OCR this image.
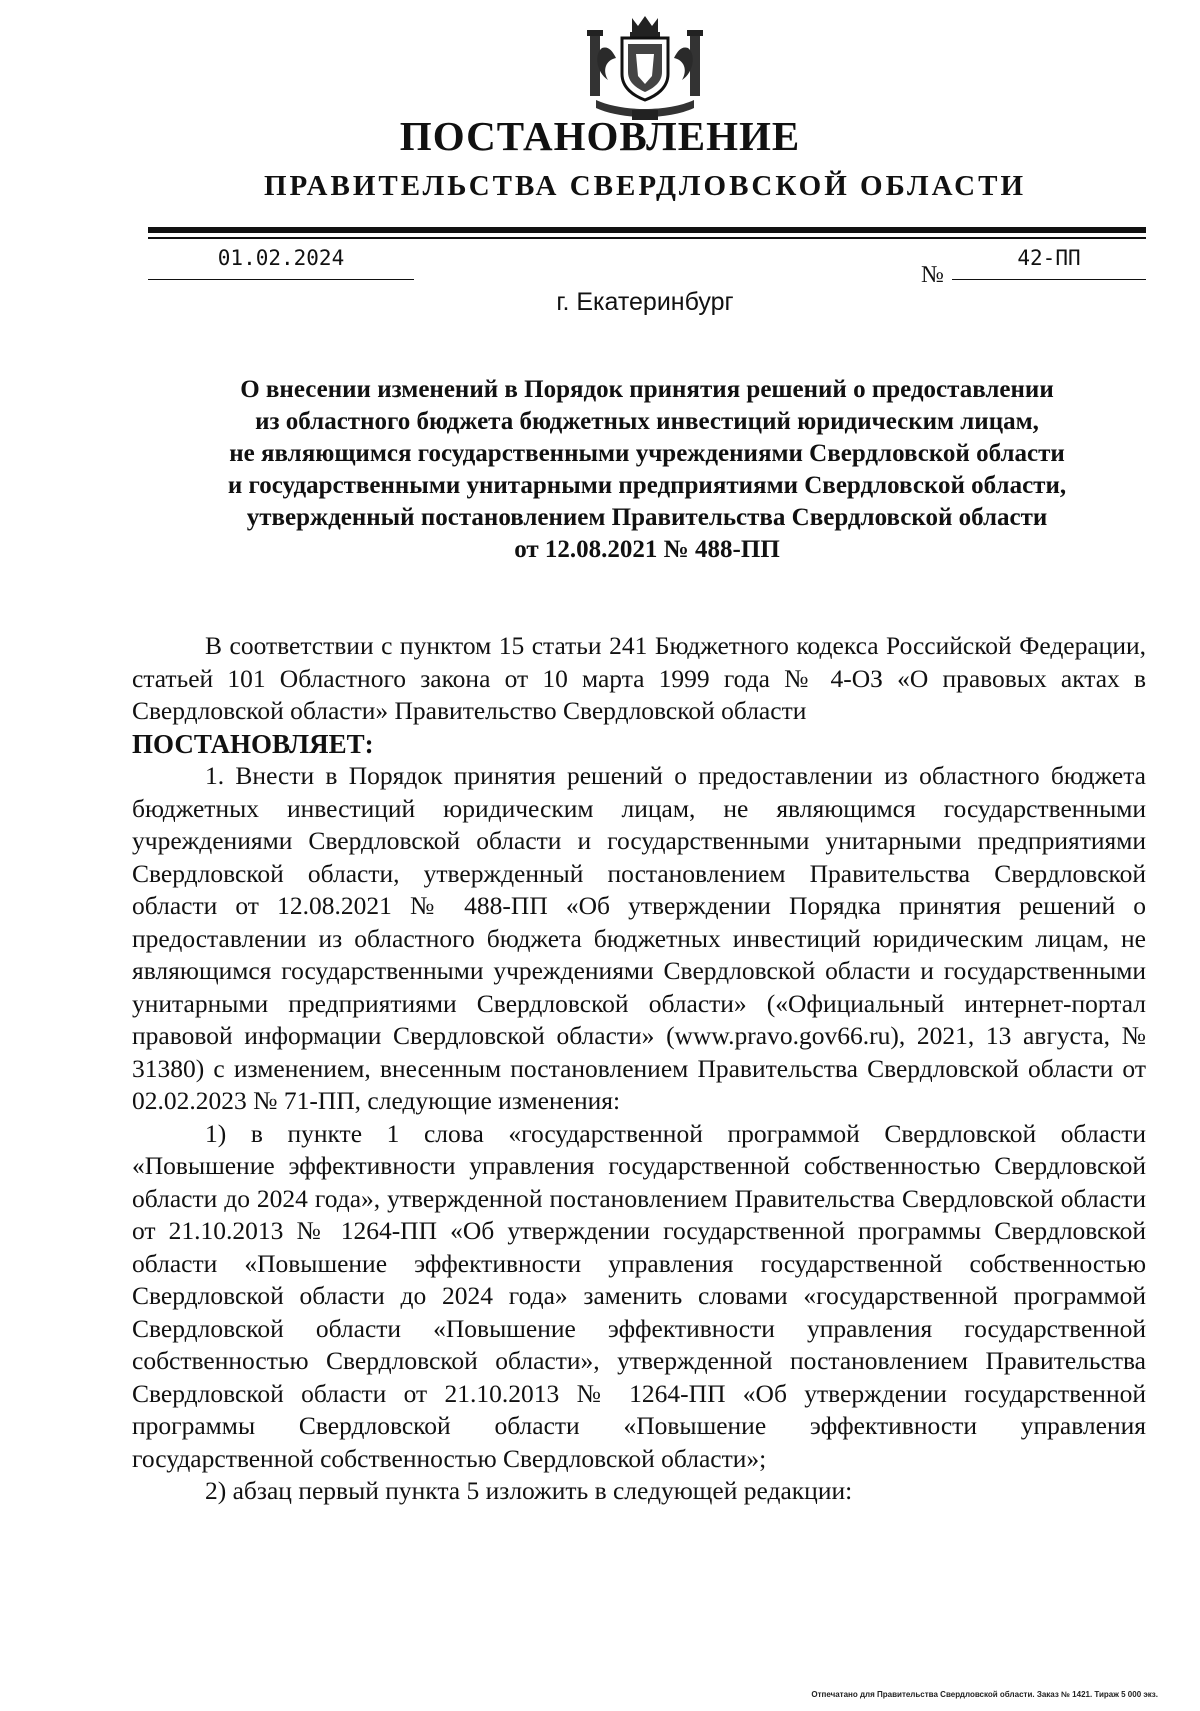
ПОСТАНОВЛЕНИЕ
ПРАВИТЕЛЬСТВА СВЕРДЛОВСКОЙ ОБЛАСТИ
01.02.2024
№
42-ПП
г. Екатеринбург
О внесении изменений в Порядок принятия решений о предоставлении
из областного бюджета бюджетных инвестиций юридическим лицам,
не являющимся государственными учреждениями Свердловской области
и государственными унитарными предприятиями Свердловской области,
утвержденный постановлением Правительства Свердловской области
от 12.08.2021 № 488-ПП

В соответствии с пунктом 15 статьи 241 Бюджетного кодекса Российской Федерации, статьей 101 Областного закона от 10 марта 1999 года № 4-ОЗ «О правовых актах в Свердловской области» Правительство Свердловской области

ПОСТАНОВЛЯЕТ:

1. Внести в Порядок принятия решений о предоставлении из областного бюджета бюджетных инвестиций юридическим лицам, не являющимся государственными учреждениями Свердловской области и государственными унитарными предприятиями Свердловской области, утвержденный постановлением Правительства Свердловской области от 12.08.2021 № 488-ПП «Об утверждении Порядка принятия решений о предоставлении из областного бюджета бюджетных инвестиций юридическим лицам, не являющимся государственными учреждениями Свердловской области и государственными унитарными предприятиями Свердловской области» («Официальный интернет-портал правовой информации Свердловской области» (www.pravo.gov66.ru), 2021, 13 августа, № 31380) с изменением, внесенным постановлением Правительства Свердловской области от 02.02.2023 № 71-ПП, следующие изменения:

1) в пункте 1 слова «государственной программой Свердловской области «Повышение эффективности управления государственной собственностью Свердловской области до 2024 года», утвержденной постановлением Правительства Свердловской области от 21.10.2013 № 1264-ПП «Об утверждении государственной программы Свердловской области «Повышение эффективности управления государственной собственностью Свердловской области до 2024 года» заменить словами «государственной программой Свердловской области «Повышение эффективности управления государственной собственностью Свердловской области», утвержденной постановлением Правительства Свердловской области от 21.10.2013 № 1264-ПП «Об утверждении государственной программы Свердловской области «Повышение эффективности управления государственной собственностью Свердловской области»;

2) абзац первый пункта 5 изложить в следующей редакции:

Отпечатано для Правительства Свердловской области. Заказ № 1421. Тираж 5 000 экз.
